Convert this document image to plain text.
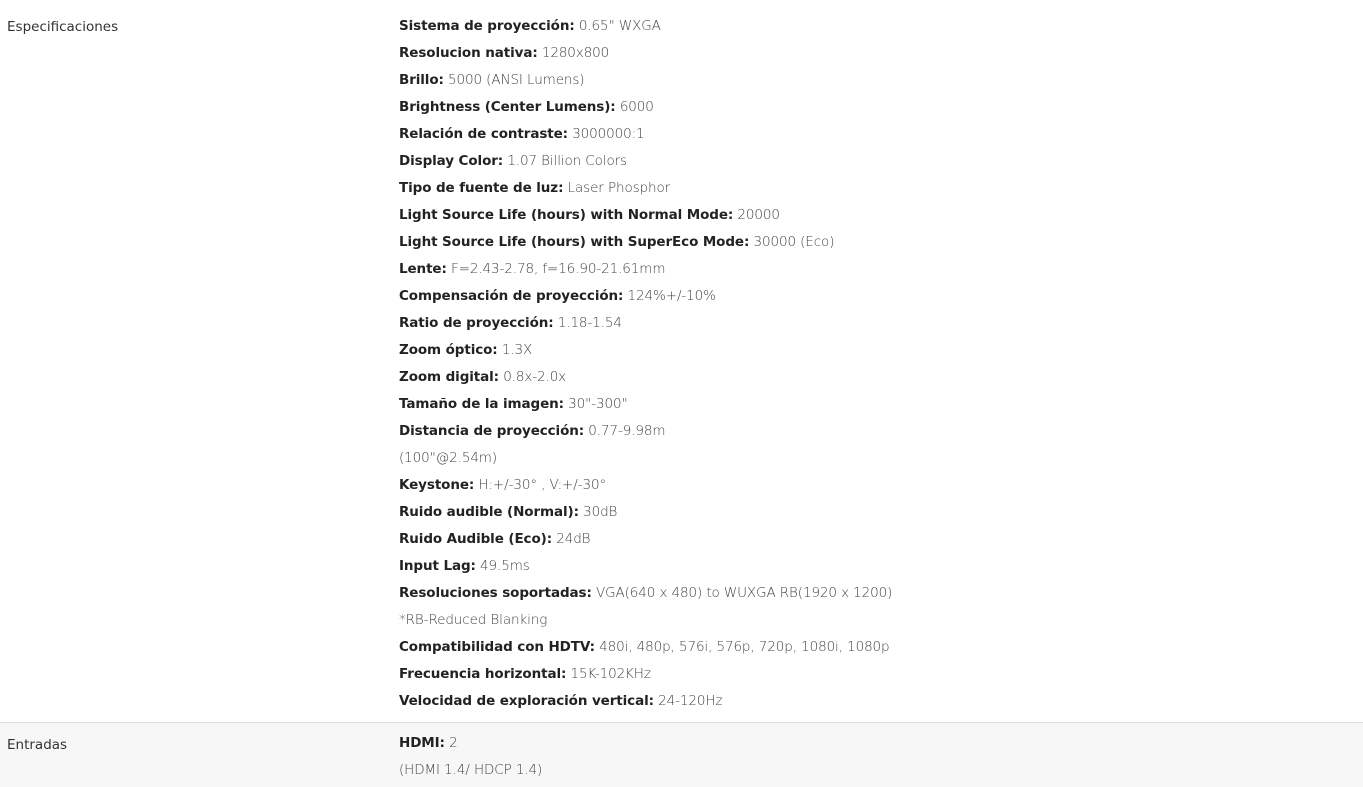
Especificaciones	Sistema de proyección: 0.65" WXGA
Resolucion nativa: 1280x800
Brillo: 5000 (ANSI Lumens)
Brightness (Center Lumens): 6000
Relación de contraste: 3000000:1
Display Color: 1.07 Billion Colors
Tipo de fuente de luz: Laser Phosphor
Light Source Life (hours) with Normal Mode: 20000
Light Source Life (hours) with SuperEco Mode: 30000 (Eco)
Lente: F=2.43-2.78, f=16.90-21.61mm
Compensación de proyección: 124%+/-10%
Ratio de proyección: 1.18-1.54
Zoom óptico: 1.3X
Zoom digital: 0.8x-2.0x
Tamaño de la imagen: 30"-300"
Distancia de proyección: 0.77-9.98m
(100"@2.54m)
Keystone: H:+/-30° , V:+/-30°
Ruido audible (Normal): 30dB
Ruido Audible (Eco): 24dB
Input Lag: 49.5ms
Resoluciones soportadas: VGA(640 x 480) to WUXGA RB(1920 x 1200)
*RB-Reduced Blanking
Compatibilidad con HDTV: 480i, 480p, 576i, 576p, 720p, 1080i, 1080p
Frecuencia horizontal: 15K-102KHz
Velocidad de exploración vertical: 24-120Hz
Entradas	HDMI: 2
(HDMI 1.4/ HDCP 1.4)
